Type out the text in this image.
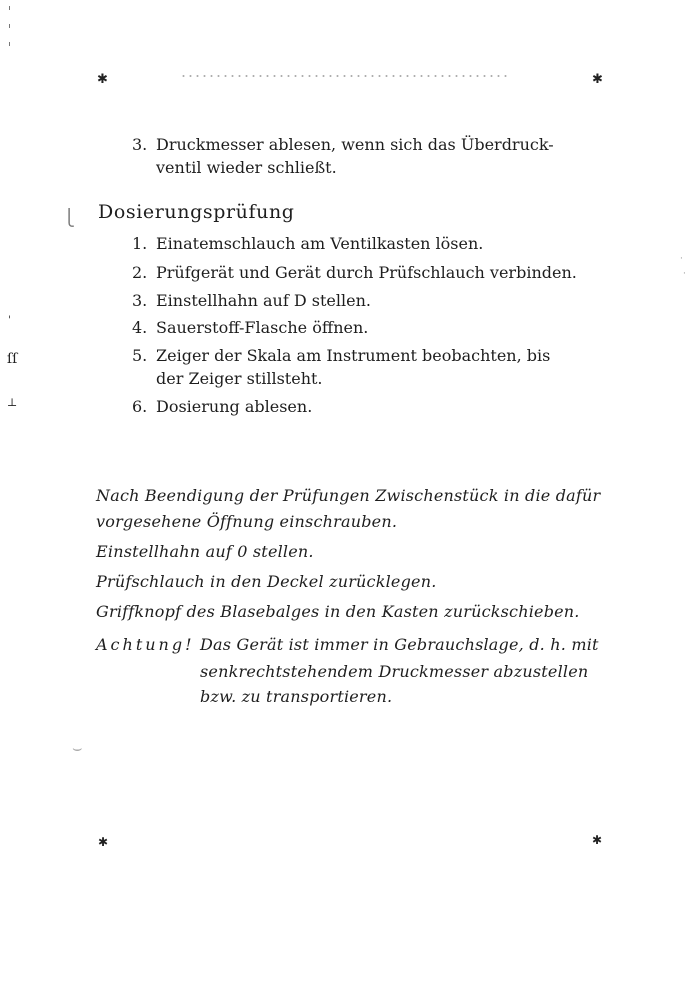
✱	✱
'
ſſ
⊥
·
·
⎩
⌣
✱	✱
3. Druckmesser ablesen, wenn sich das Überdruck-
ventil wieder schließt.
Dosierungsprüfung
1. Einatemschlauch am Ventilkasten lösen.
2. Prüfgerät und Gerät durch Prüfschlauch verbinden.
3. Einstellhahn auf D stellen.
4. Sauerstoff-Flasche öffnen.
5. Zeiger der Skala am Instrument beobachten, bis
der Zeiger stillsteht.
6. Dosierung ablesen.
Nach Beendigung der Prüfungen Zwischenstück in die dafür
vorgesehene Öffnung einschrauben.
Einstellhahn auf 0 stellen.
Prüfschlauch in den Deckel zurücklegen.
Griffknopf des Blasebalges in den Kasten zurückschieben.
Achtung! Das Gerät ist immer in Gebrauchslage, d. h. mit
senkrechtstehendem Druckmesser abzustellen
bzw. zu transportieren.
